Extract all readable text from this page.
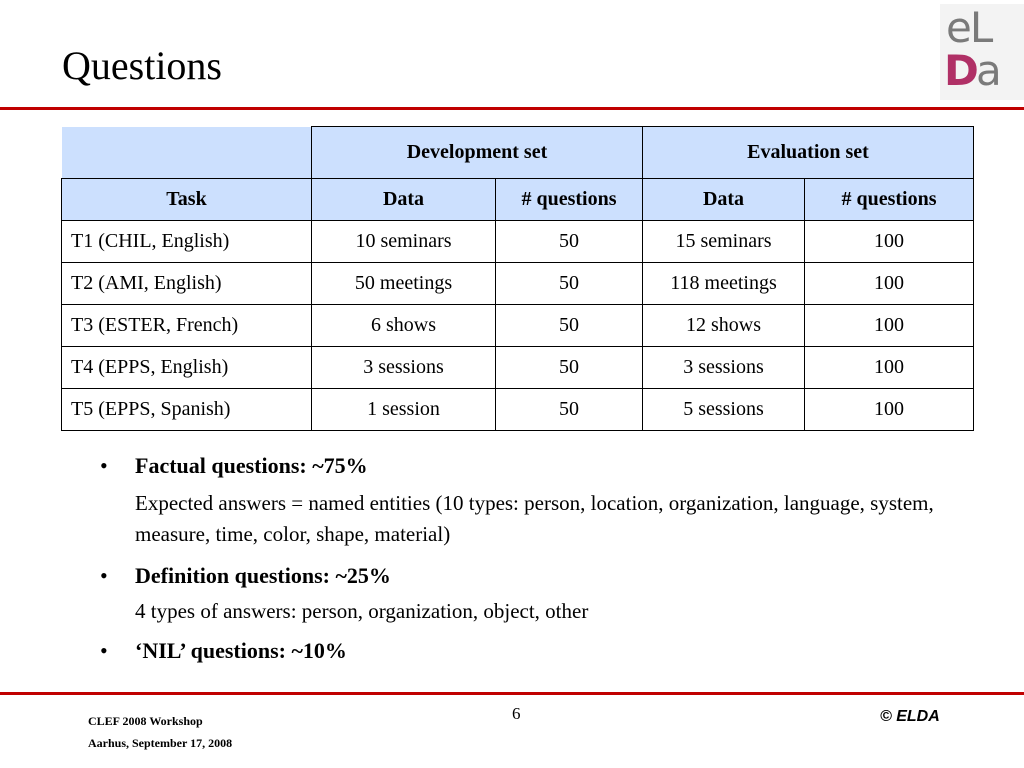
Questions
eL
D
a
	Development set		Evaluation set	
Task	Data	# questions	Data	# questions
T1 (CHIL, English)	10 seminars	50	15 seminars	100
T2 (AMI, English)	50 meetings	50	118 meetings	100
T3 (ESTER, French)	6 shows	50	12 shows	100
T4 (EPPS, English)	3 sessions	50	3 sessions	100
T5 (EPPS, Spanish)	1 session	50	5 sessions	100
• Factual questions: ~75%
Expected answers = named entities (10 types: person, location, organization, language, system, measure, time, color, shape, material)
• Definition questions: ~25%
4 types of answers: person, organization, object, other
• ‘NIL’ questions: ~10%
CLEF 2008 Workshop
Aarhus, September 17, 2008
6	© ELDA
